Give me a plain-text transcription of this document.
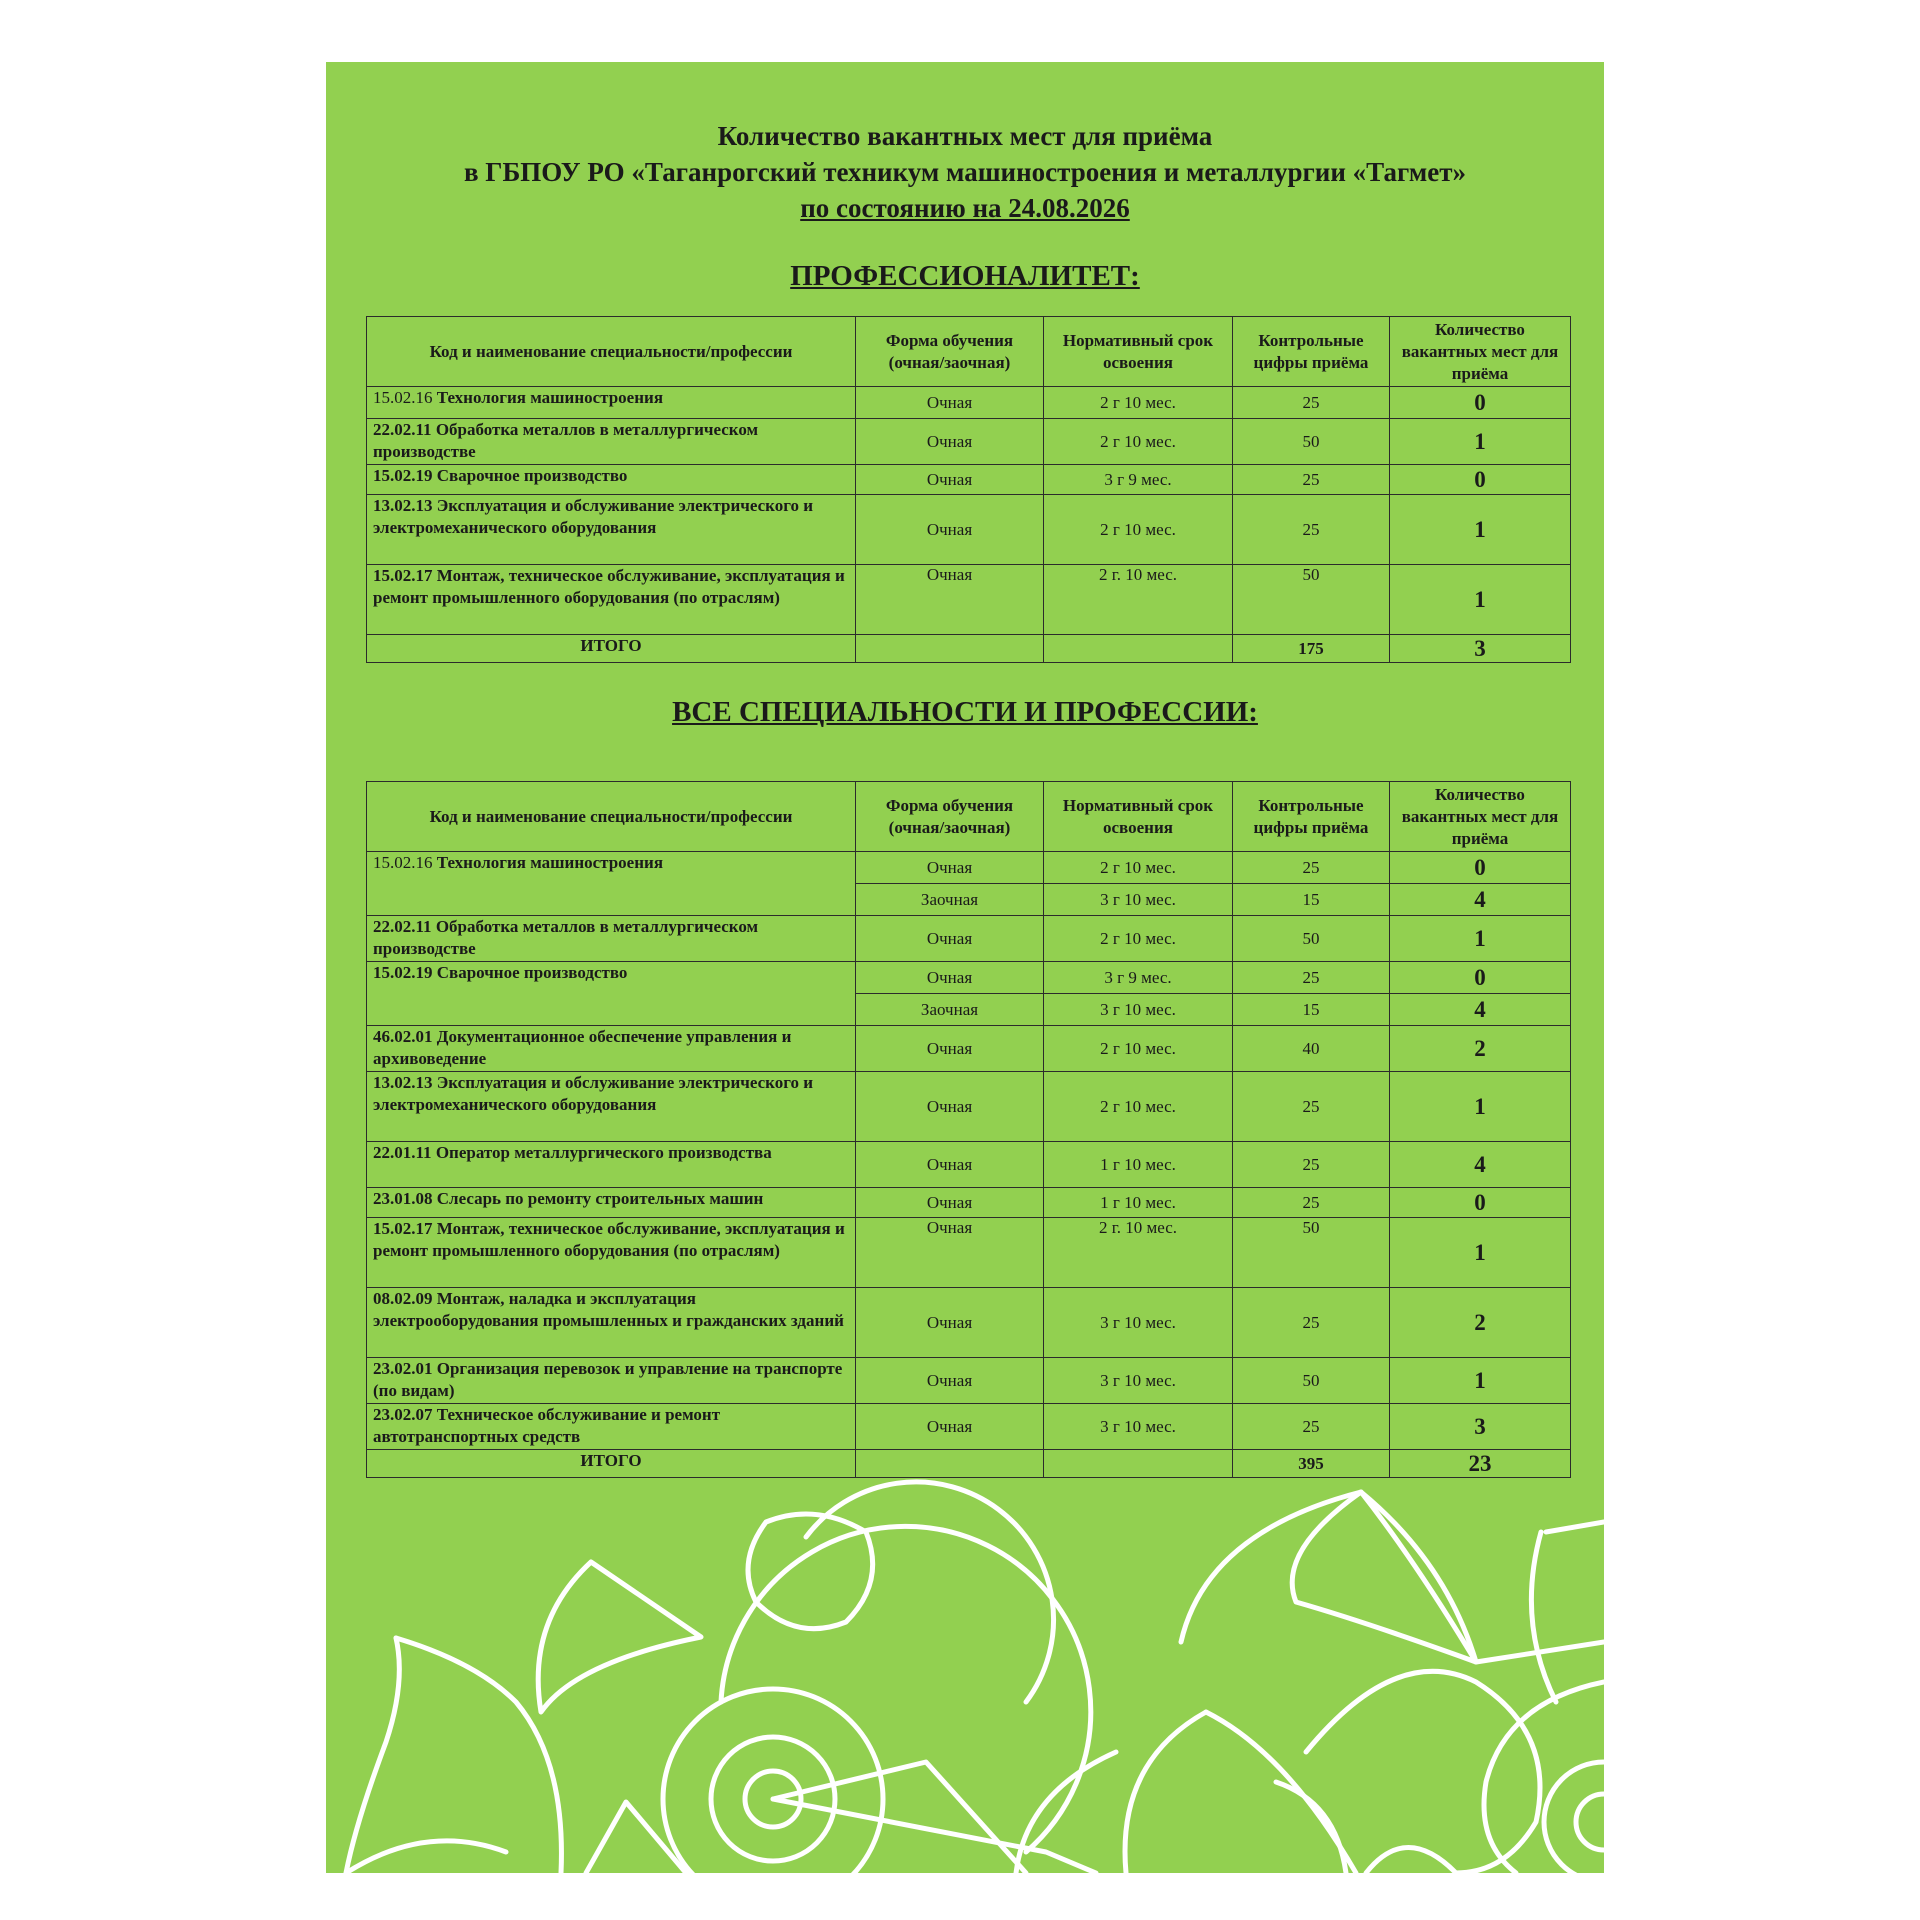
Количество вакантных мест для приёма
в ГБПОУ РО «Таганрогский техникум машиностроения и металлургии «Тагмет»
по состоянию на 24.08.2026
ПРОФЕССИОНАЛИТЕТ:
Код и наименование специальности/профессии	Форма обучения (очная/заочная)	Нормативный срок освоения	Контрольные цифры приёма	Количество вакантных мест для приёма
15.02.16 Технология машиностроения	Очная	2 г 10 мес.	25	0
22.02.11 Обработка металлов в металлургическом производстве	Очная	2 г 10 мес.	50	1
15.02.19 Сварочное производство	Очная	3 г 9 мес.	25	0
13.02.13 Эксплуатация и обслуживание электрического и электромеханического оборудования	Очная	2 г 10 мес.	25	1
15.02.17 Монтаж, техническое обслуживание, эксплуатация и ремонт промышленного оборудования (по отраслям)	Очная	2 г. 10 мес.	50	1
ИТОГО			175	3
ВСЕ СПЕЦИАЛЬНОСТИ И ПРОФЕССИИ:
Код и наименование специальности/профессии	Форма обучения (очная/заочная)	Нормативный срок освоения	Контрольные цифры приёма	Количество вакантных мест для приёма
15.02.16 Технология машиностроения	Очная	2 г 10 мес.	25	0
	Заочная	3 г 10 мес.	15	4
22.02.11 Обработка металлов в металлургическом производстве	Очная	2 г 10 мес.	50	1
15.02.19 Сварочное производство	Очная	3 г 9 мес.	25	0
	Заочная	3 г 10 мес.	15	4
46.02.01 Документационное обеспечение управления и архивоведение	Очная	2 г 10 мес.	40	2
13.02.13 Эксплуатация и обслуживание электрического и электромеханического оборудования	Очная	2 г 10 мес.	25	1
22.01.11 Оператор металлургического производства	Очная	1 г 10 мес.	25	4
23.01.08 Слесарь по ремонту строительных машин	Очная	1 г 10 мес.	25	0
15.02.17 Монтаж, техническое обслуживание, эксплуатация и ремонт промышленного оборудования (по отраслям)	Очная	2 г. 10 мес.	50	1
08.02.09 Монтаж, наладка и эксплуатация электрооборудования промышленных и гражданских зданий	Очная	3 г 10 мес.	25	2
23.02.01 Организация перевозок и управление на транспорте (по видам)	Очная	3 г 10 мес.	50	1
23.02.07 Техническое обслуживание и ремонт автотранспортных средств	Очная	3 г 10 мес.	25	3
ИТОГО			395	23
